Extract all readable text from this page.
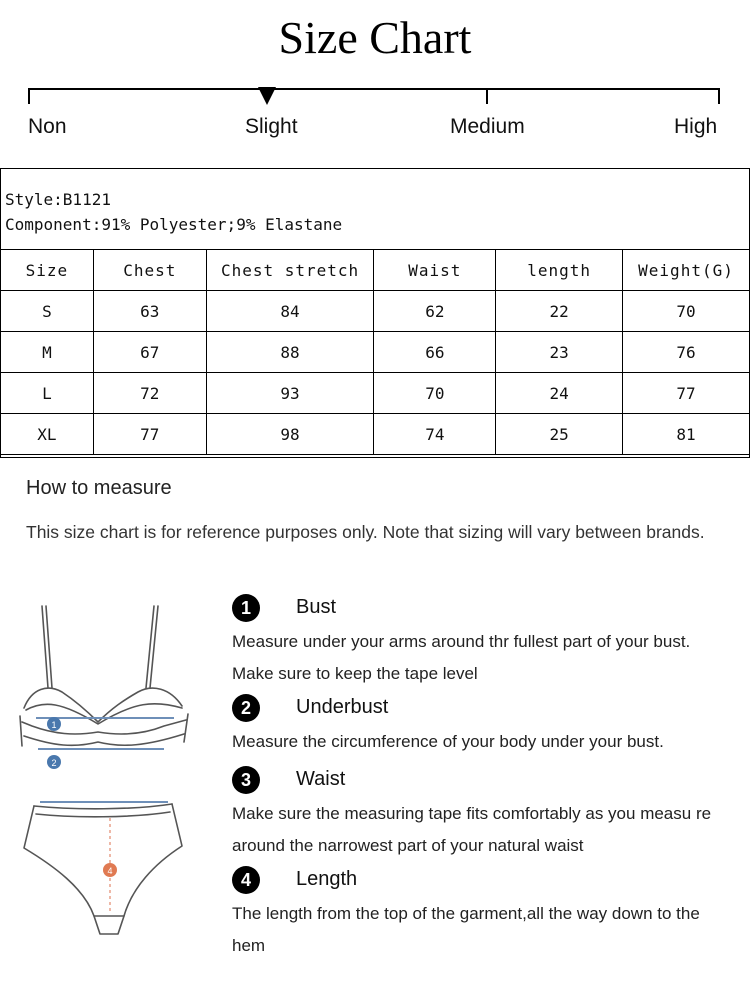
Size Chart
Non	Slight	Medium	High
Style:B1121
Component:91% Polyester;9% Elastane
Size	Chest	Chest stretch	Waist	length	Weight(G)
S	63	84	62	22	70
M	67	88	66	23	76
L	72	93	70	24	77
XL	77	98	74	25	81
How to measure
This size chart is for reference purposes only. Note that sizing will vary between brands.
1
2
4
1	Bust
Measure under your arms around thr fullest part of your bust. Make sure to keep the tape level
2	Underbust
Measure the circumference of your body under your bust.
3	Waist
Make sure the measuring tape fits comfortably as you measu re around the narrowest part of your natural waist
4	Length
The length from the top of the garment,all the way down to the hem
